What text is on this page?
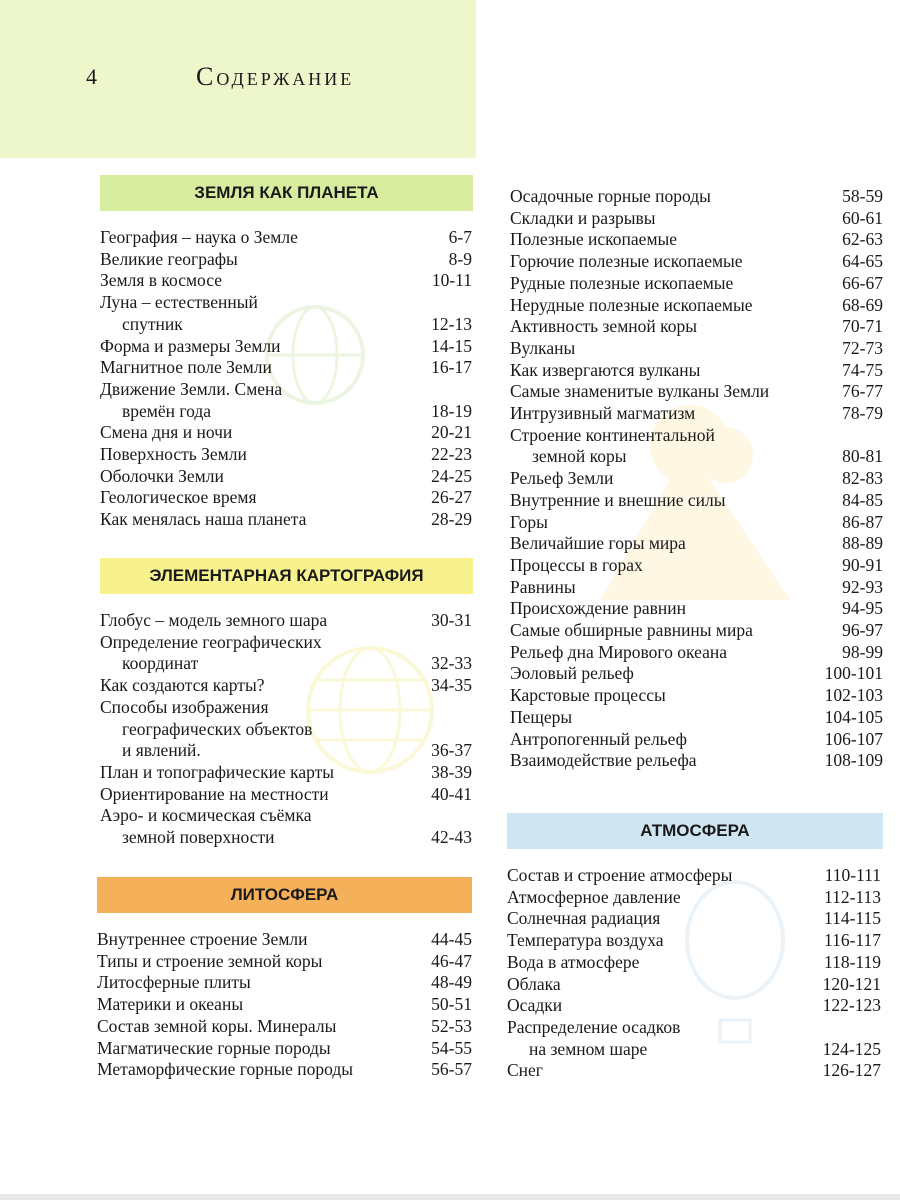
4	Содержание
ЗЕМЛЯ КАК ПЛАНЕТА
География – наука о Земле	6-7
Великие географы	8-9
Земля в космосе	10-11
Луна – естественный
спутник	12-13
Форма и размеры Земли	14-15
Магнитное поле Земли	16-17
Движение Земли. Смена
времён года	18-19
Смена дня и ночи	20-21
Поверхность Земли	22-23
Оболочки Земли	24-25
Геологическое время	26-27
Как менялась наша планета	28-29
ЭЛЕМЕНТАРНАЯ КАРТОГРАФИЯ
Глобус – модель земного шара	30-31
Определение географических
координат	32-33
Как создаются карты?	34-35
Способы изображения
географических объектов
и явлений.	36-37
План и топографические карты	38-39
Ориентирование на местности	40-41
Аэро- и космическая съёмка
земной поверхности	42-43
ЛИТОСФЕРА
Внутреннее строение Земли	44-45
Типы и строение земной коры	46-47
Литосферные плиты	48-49
Материки и океаны	50-51
Состав земной коры. Минералы	52-53
Магматические горные породы	54-55
Метаморфические горные породы	56-57
Осадочные горные породы	58-59
Складки и разрывы	60-61
Полезные ископаемые	62-63
Горючие полезные ископаемые	64-65
Рудные полезные ископаемые	66-67
Нерудные полезные ископаемые	68-69
Активность земной коры	70-71
Вулканы	72-73
Как извергаются вулканы	74-75
Самые знаменитые вулканы Земли	76-77
Интрузивный магматизм	78-79
Строение континентальной
земной коры	80-81
Рельеф Земли	82-83
Внутренние и внешние силы	84-85
Горы	86-87
Величайшие горы мира	88-89
Процессы в горах	90-91
Равнины	92-93
Происхождение равнин	94-95
Самые обширные равнины мира	96-97
Рельеф дна Мирового океана	98-99
Эоловый рельеф	100-101
Карстовые процессы	102-103
Пещеры	104-105
Антропогенный рельеф	106-107
Взаимодействие рельефа	108-109
АТМОСФЕРА
Состав и строение атмосферы	110-111
Атмосферное давление	112-113
Солнечная радиация	114-115
Температура воздуха	116-117
Вода в атмосфере	118-119
Облака	120-121
Осадки	122-123
Распределение осадков
на земном шаре	124-125
Снег	126-127
